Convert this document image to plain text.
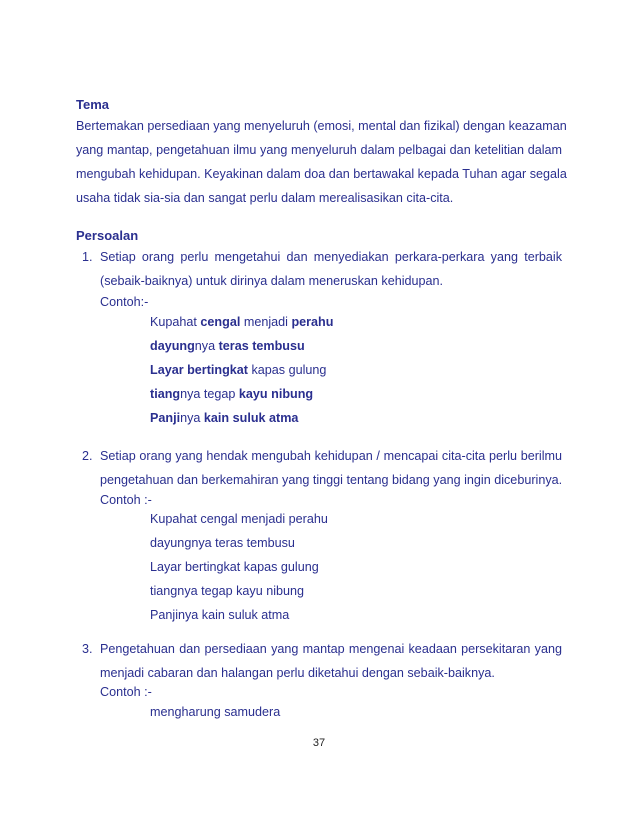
Tema
Bertemakan persediaan yang menyeluruh (emosi, mental dan fizikal) dengan keazaman
yang mantap, pengetahuan ilmu yang menyeluruh dalam pelbagai dan ketelitian dalam
mengubah kehidupan. Keyakinan dalam doa dan bertawakal kepada Tuhan agar segala
usaha tidak sia-sia dan sangat perlu dalam merealisasikan cita-cita.
Persoalan
1. Setiap orang perlu mengetahui dan menyediakan perkara-perkara yang terbaik
(sebaik-baiknya) untuk dirinya dalam meneruskan kehidupan.
Contoh:-
Kupahat cengal menjadi perahu
dayungnya teras tembusu
Layar bertingkat kapas gulung
tiangnya tegap kayu nibung
Panjinya kain suluk atma
2. Setiap orang yang hendak mengubah kehidupan / mencapai cita-cita perlu berilmu
pengetahuan dan berkemahiran yang tinggi tentang bidang yang ingin diceburinya.
Contoh :-
Kupahat cengal menjadi perahu
dayungnya teras tembusu
Layar bertingkat kapas gulung
tiangnya tegap kayu nibung
Panjinya kain suluk atma
3. Pengetahuan dan persediaan yang mantap mengenai keadaan persekitaran yang
menjadi cabaran dan halangan perlu diketahui dengan sebaik-baiknya.
Contoh :-
mengharung samudera
37
